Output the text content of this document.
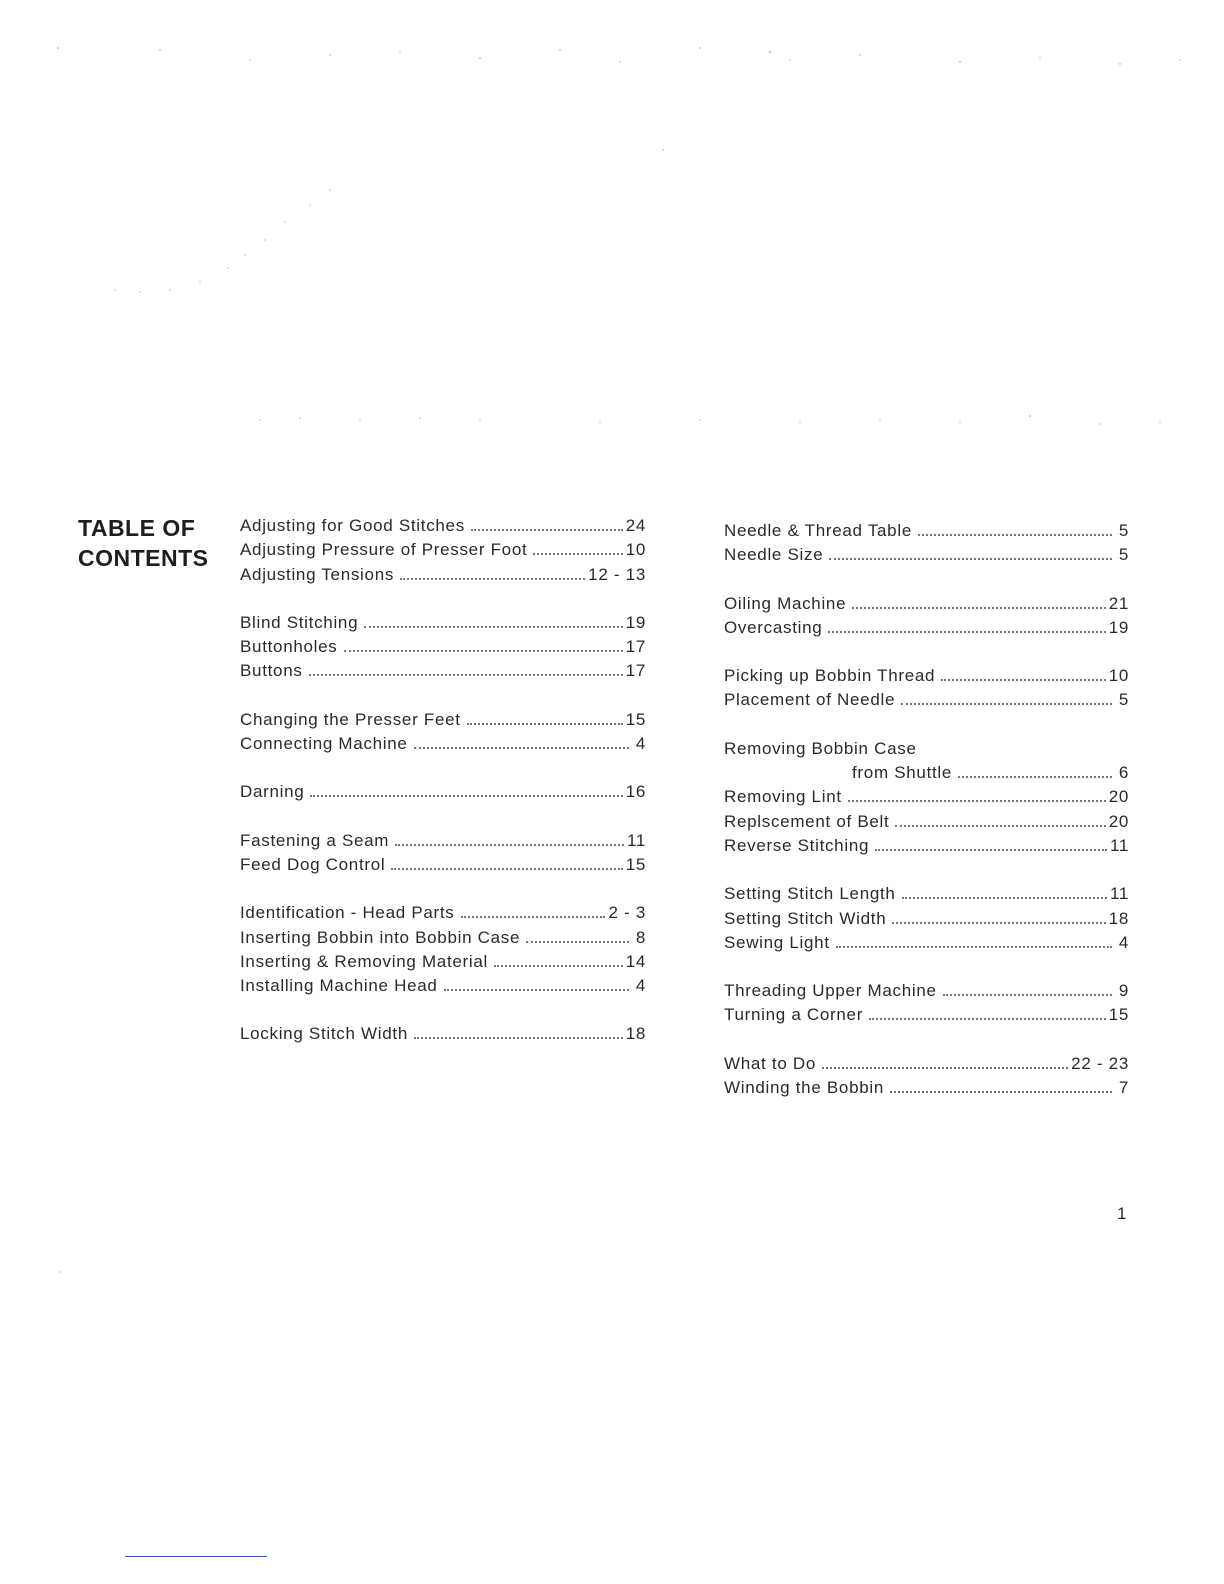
TABLE OF
CONTENTS
Adjusting for Good Stitches	24
Adjusting Pressure of Presser Foot	10
Adjusting Tensions	12 - 13
Blind Stitching	19
Buttonholes	17
Buttons	17
Changing the Presser Feet	15
Connecting Machine	4
Darning	16
Fastening a Seam	11
Feed Dog Control	15
Identification - Head Parts	2 - 3
Inserting Bobbin into Bobbin Case	8
Inserting & Removing Material	14
Installing Machine Head	4
Locking Stitch Width	18
Needle & Thread Table	5
Needle Size	5
Oiling Machine	21
Overcasting	19
Picking up Bobbin Thread	10
Placement of Needle	5
Removing Bobbin Case
from Shuttle	6
Removing Lint	20
Replscement of Belt	20
Reverse Stitching	11
Setting Stitch Length	11
Setting Stitch Width	18
Sewing Light	4
Threading Upper Machine	9
Turning a Corner	15
What to Do	22 - 23
Winding the Bobbin	7
1
